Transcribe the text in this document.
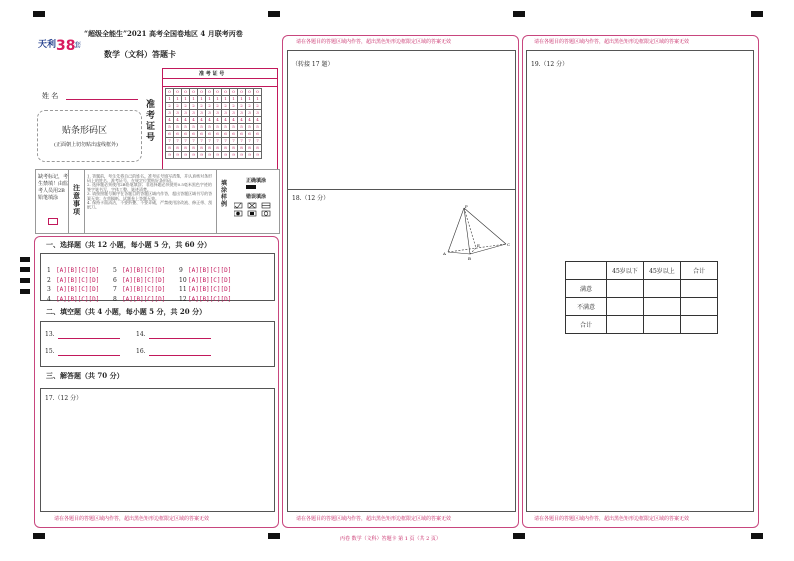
天利 38
套
“超级全能生”2021 高考全国卷地区 4 月联考丙卷
数学（文科）答题卡
准 考 证 号
0	0	0	0	0	0	0	0	0	0	0	0
1	1	1	1	1	1	1	1	1	1	1	1
2	2	2	2	2	2	2	2	2	2	2	2
3	3	3	3	3	3	3	3	3	3	3	3
4	4	4	4	4	4	4	4	4	4	4	4
5	5	5	5	5	5	5	5	5	5	5	5
6	6	6	6	6	6	6	6	6	6	6	6
7	7	7	7	7	7	7	7	7	7	7	7
8	8	8	8	8	8	8	8	8	8	8	8
9	9	9	9	9	9	9	9	9	9	9	9
准考证号
姓 名
贴条形码区
(正面朝上切勿贴出虚线框外)
缺考标记，考
生禁填！由监
考人员用2B
铅笔填涂
注意事项
1. 答题前，考生先将自己的姓名、准考证号填写清楚，并认真核对条形码上的姓名、准考证号，在规定位置贴好条形码。
2. 选择题必须使用2B铅笔填涂；非选择题必须使用0.5毫米黑色字迹的签字笔书写，字体工整、笔迹清楚。
3. 请按照题号顺序在各题目的答题区域内作答，超出答题区域书写的答案无效；在草稿纸、试题卷上答题无效。
4. 保持卡面清洁，不要折叠、不要弄破，严禁使用涂改液、修正带、刮纸刀。
填涂样例
正确填涂
错误填涂
一、选择题（共 12 小题，每小题 5 分，共 60 分）
1 [A][B][C][D]
2 [A][B][C][D]
3 [A][B][C][D]
4 [A][B][C][D]
5 [A][B][C][D]
6 [A][B][C][D]
7 [A][B][C][D]
8 [A][B][C][D]
9 [A][B][C][D]
10[A][B][C][D]
11[A][B][C][D]
12[A][B][C][D]
二、填空题（共 4 小题，每小题 5 分，共 20 分）
13.	14.
15.	16.
三、解答题（共 70 分）
17.（12 分）
请在各题目的答题区域内作答，超出黑色矩形边框限定区域的答案无效
请在各题目的答题区域内作答，超出黑色矩形边框限定区域的答案无效
（转接 17 题）
18.（12 分）
P
A
B
C
E
请在各题目的答题区域内作答，超出黑色矩形边框限定区域的答案无效
请在各题目的答题区域内作答，超出黑色矩形边框限定区域的答案无效
19.（12 分）
	45岁以下	45岁以上	合计
满意			
不满意			
合计			
请在各题目的答题区域内作答，超出黑色矩形边框限定区域的答案无效
丙卷 数学（文科）答题卡 第 1 页（共 2 页）
